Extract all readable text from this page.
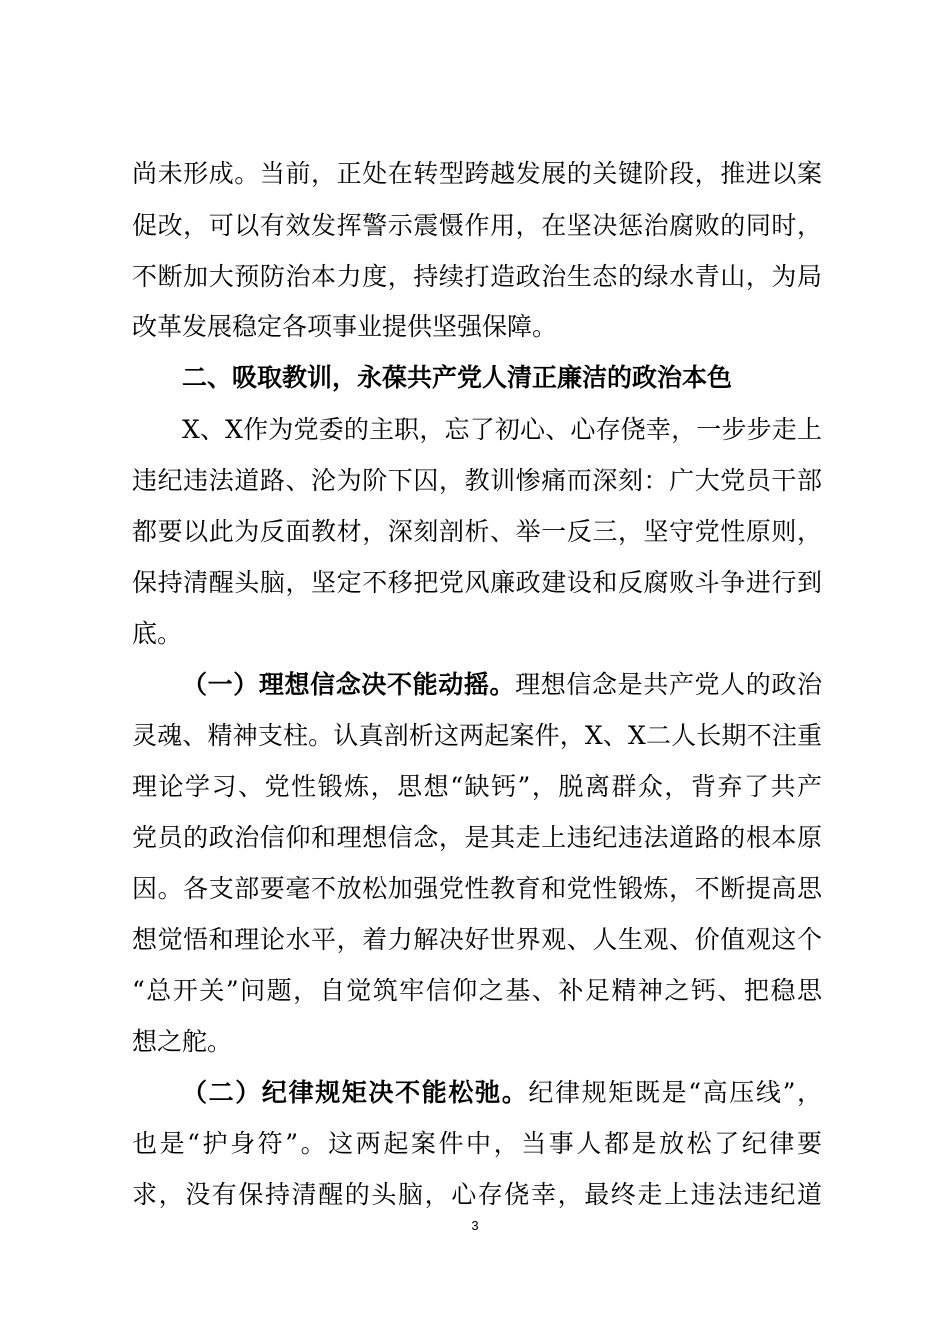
尚未形成。当前，正处在转型跨越发展的关键阶段，推进以案
促改，可以有效发挥警示震慑作用，在坚决惩治腐败的同时，
不断加大预防治本力度，持续打造政治生态的绿水青山，为局
改革发展稳定各项事业提供坚强保障。
二、吸取教训，永葆共产党人清正廉洁的政治本色
X、X作为党委的主职，忘了初心、心存侥幸，一步步走上
违纪违法道路、沦为阶下囚，教训惨痛而深刻：广大党员干部
都要以此为反面教材，深刻剖析、举一反三，坚守党性原则，
保持清醒头脑，坚定不移把党风廉政建设和反腐败斗争进行到
底。
（一）理想信念决不能动摇。理想信念是共产党人的政治
灵魂、精神支柱。认真剖析这两起案件，X、X二人长期不注重
理论学习、党性锻炼，思想“缺钙”，脱离群众，背弃了共产
党员的政治信仰和理想信念，是其走上违纪违法道路的根本原
因。各支部要毫不放松加强党性教育和党性锻炼，不断提高思
想觉悟和理论水平，着力解决好世界观、人生观、价值观这个
“总开关”问题，自觉筑牢信仰之基、补足精神之钙、把稳思
想之舵。
（二）纪律规矩决不能松弛。纪律规矩既是“高压线”，
也是“护身符”。这两起案件中，当事人都是放松了纪律要
求，没有保持清醒的头脑，心存侥幸，最终走上违法违纪道
3
